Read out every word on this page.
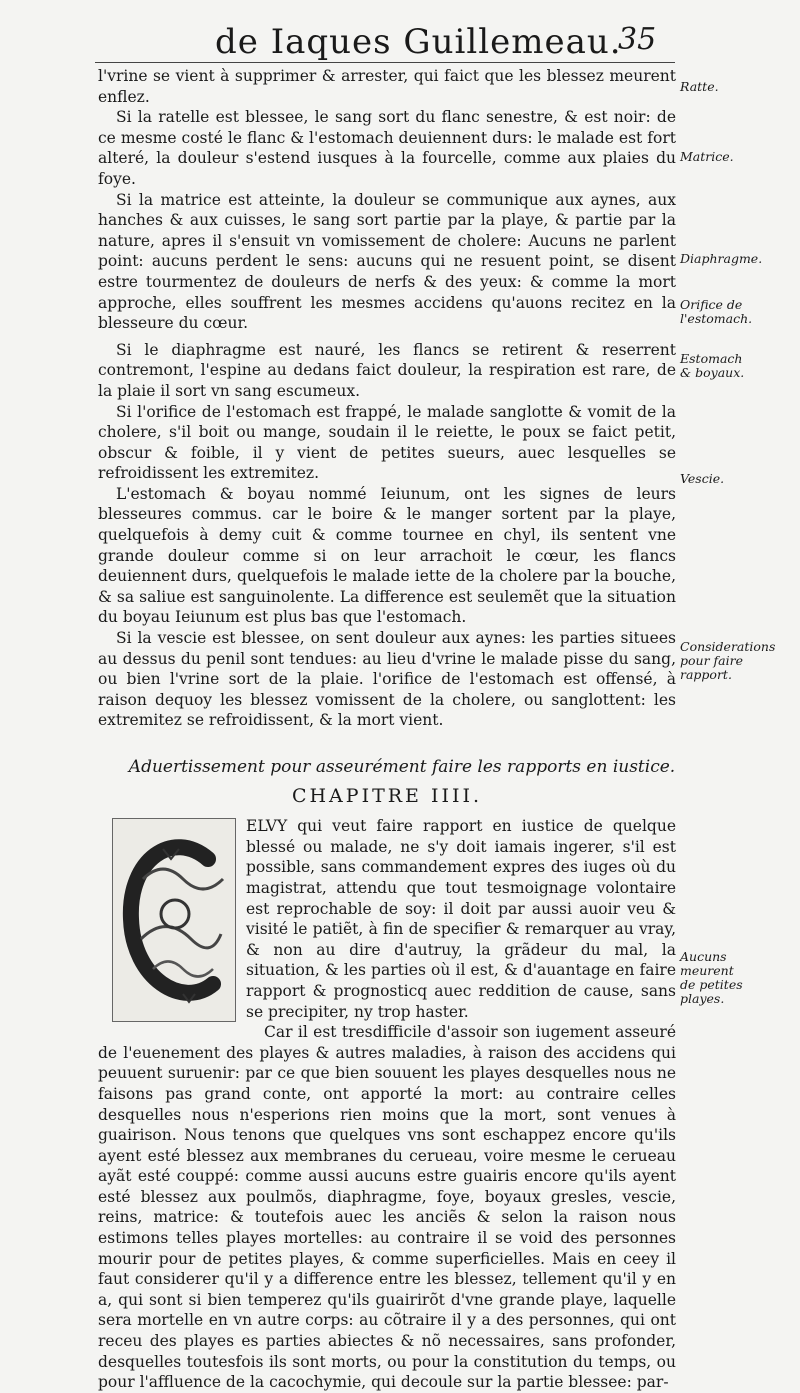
de Iaques Guillemeau.
35

l'vrine se vient à supprimer & arrester, qui faict que les blessez meurent enflez.

Si la ratelle est blessee, le sang sort du flanc senestre, & est noir: de ce mesme costé le flanc & l'estomach deuiennent durs: le malade est fort alteré, la douleur s'estend iusques à la fourcelle, comme aux plaies du foye.

Si la matrice est atteinte, la douleur se communique aux aynes, aux hanches & aux cuisses, le sang sort partie par la playe, & partie par la nature, apres il s'ensuit vn vomissement de cholere: Aucuns ne parlent point: aucuns perdent le sens: aucuns qui ne resuent point, se disent estre tourmentez de douleurs de nerfs & des yeux: & comme la mort approche, elles souffrent les mesmes accidens qu'auons recitez en la blesseure du cœur.

Si le diaphragme est nauré, les flancs se retirent & reserrent contremont, l'espine au dedans faict douleur, la respiration est rare, de la plaie il sort vn sang escumeux.

Si l'orifice de l'estomach est frappé, le malade sanglotte & vomit de la cholere, s'il boit ou mange, soudain il le reiette, le poux se faict petit, obscur & foible, il y vient de petites sueurs, auec lesquelles se refroidissent les extremitez.

L'estomach & boyau nommé Ieiunum, ont les signes de leurs blesseures commus. car le boire & le manger sortent par la playe, quelquefois à demy cuit & comme tournee en chyl, ils sentent vne grande douleur comme si on leur arrachoit le cœur, les flancs deuiennent durs, quelquefois le malade iette de la cholere par la bouche, & sa saliue est sanguinolente. La difference est seulemẽt que la situation du boyau Ieiunum est plus bas que l'estomach.

Si la vescie est blessee, on sent douleur aux aynes: les parties situees au dessus du penil sont tendues: au lieu d'vrine le malade pisse du sang, ou bien l'vrine sort de la plaie. l'orifice de l'estomach est offensé, à raison dequoy les blessez vomissent de la cholere, ou sanglottent: les extremitez se refroidissent, & la mort vient.

Aduertissement pour asseurément faire les rapports en iustice.
CHAPITRE IIII.

ELVY qui veut faire rapport en iustice de quelque blessé ou malade, ne s'y doit iamais ingerer, s'il est possible, sans commandement expres des iuges où du magistrat, attendu que tout tesmoignage volontaire est reprochable de soy: il doit par aussi auoir veu & visité le patiẽt, à fin de specifier & remarquer au vray, & non au dire d'autruy, la grãdeur du mal, la situation, & les parties où il est, & d'auantage en faire rapport & prognosticq auec reddition de cause, sans se precipiter, ny trop haster.

Car il est tresdifficile d'assoir son iugement asseuré de l'euenement des playes & autres maladies, à raison des accidens qui peuuent suruenir: par ce que bien souuent les playes desquelles nous ne faisons pas grand conte, ont apporté la mort: au contraire celles desquelles nous n'esperions rien moins que la mort, sont venues à guairison. Nous tenons que quelques vns sont eschappez encore qu'ils ayent esté blessez aux membranes du cerueau, voire mesme le cerueau ayãt esté couppé: comme aussi aucuns estre guairis encore qu'ils ayent esté blessez aux poulmõs, diaphragme, foye, boyaux gresles, vescie, reins, matrice: & toutefois auec les anciẽs & selon la raison nous estimons telles playes mortelles: au contraire il se void des personnes mourir pour de petites playes, & comme superficielles. Mais en ceey il faut considerer qu'il y a difference entre les blessez, tellement qu'il y en a, qui sont si bien temperez qu'ils guairirõt d'vne grande playe, laquelle sera mortelle en vn autre corps: au cõtraire il y a des personnes, qui ont receu des playes es parties abiectes & nõ necessaires, sans profonder, desquelles toutesfois ils sont morts, ou pour la constitution du temps, ou pour l'affluence de la cacochymie, qui decoule sur la partie blessee: par-

Ratte.
Matrice.
Diaphragme.
Orifice de l'estomach.
Estomach & boyaux.
Vescie.
Considerations pour faire rapport.
Aucuns meurent de petites playes.
